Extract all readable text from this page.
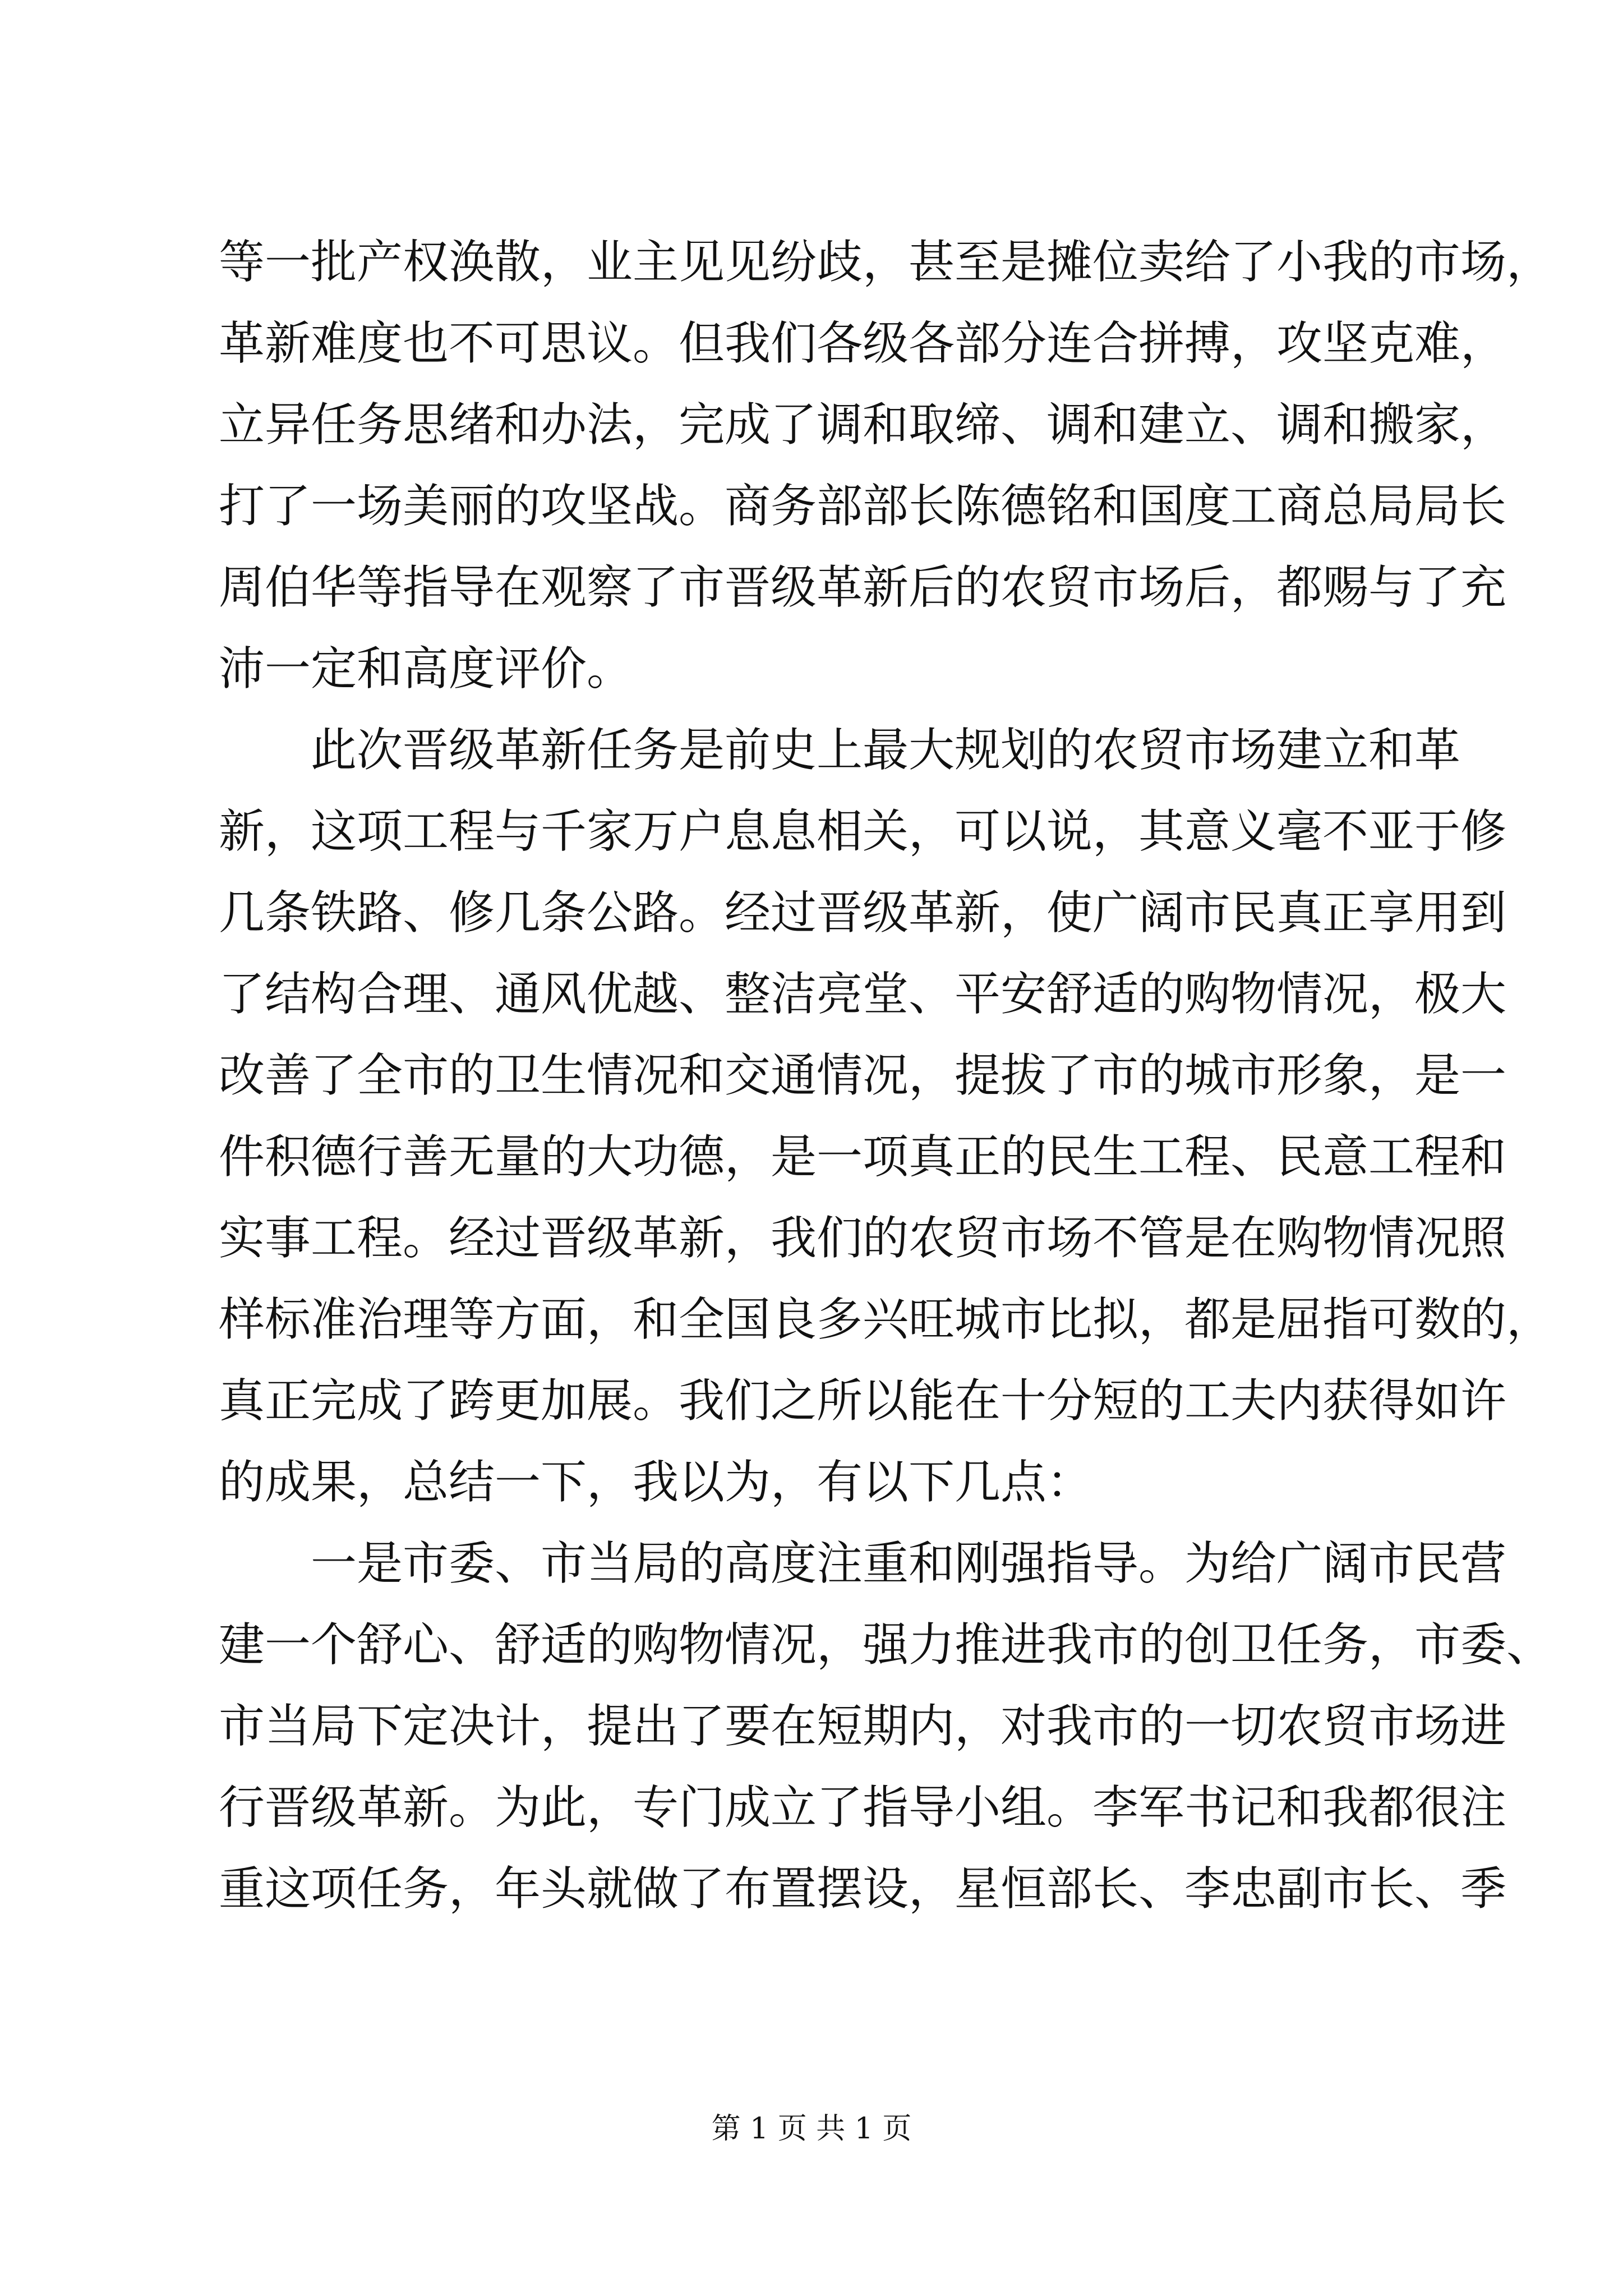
等一批产权涣散，业主见见纷歧，甚至是摊位卖给了小我的市场，
革新难度也不可思议。但我们各级各部分连合拼搏，攻坚克难，
立异任务思绪和办法，完成了调和取缔、调和建立、调和搬家，
打了一场美丽的攻坚战。商务部部长陈德铭和国度工商总局局长
周伯华等指导在观察了市晋级革新后的农贸市场后，都赐与了充
沛一定和高度评价。
此次晋级革新任务是前史上最大规划的农贸市场建立和革
新，这项工程与千家万户息息相关，可以说，其意义毫不亚于修
几条铁路、修几条公路。经过晋级革新，使广阔市民真正享用到
了结构合理、通风优越、整洁亮堂、平安舒适的购物情况，极大
改善了全市的卫生情况和交通情况，提拔了市的城市形象，是一
件积德行善无量的大功德，是一项真正的民生工程、民意工程和
实事工程。经过晋级革新，我们的农贸市场不管是在购物情况照
样标准治理等方面，和全国良多兴旺城市比拟，都是屈指可数的，
真正完成了跨更加展。我们之所以能在十分短的工夫内获得如许
的成果，总结一下，我以为，有以下几点：
一是市委、市当局的高度注重和刚强指导。为给广阔市民营
建一个舒心、舒适的购物情况，强力推进我市的创卫任务，市委、
市当局下定决计，提出了要在短期内，对我市的一切农贸市场进
行晋级革新。为此，专门成立了指导小组。李军书记和我都很注
重这项任务，年头就做了布置摆设，星恒部长、李忠副市长、季
第 1 页 共 1 页
